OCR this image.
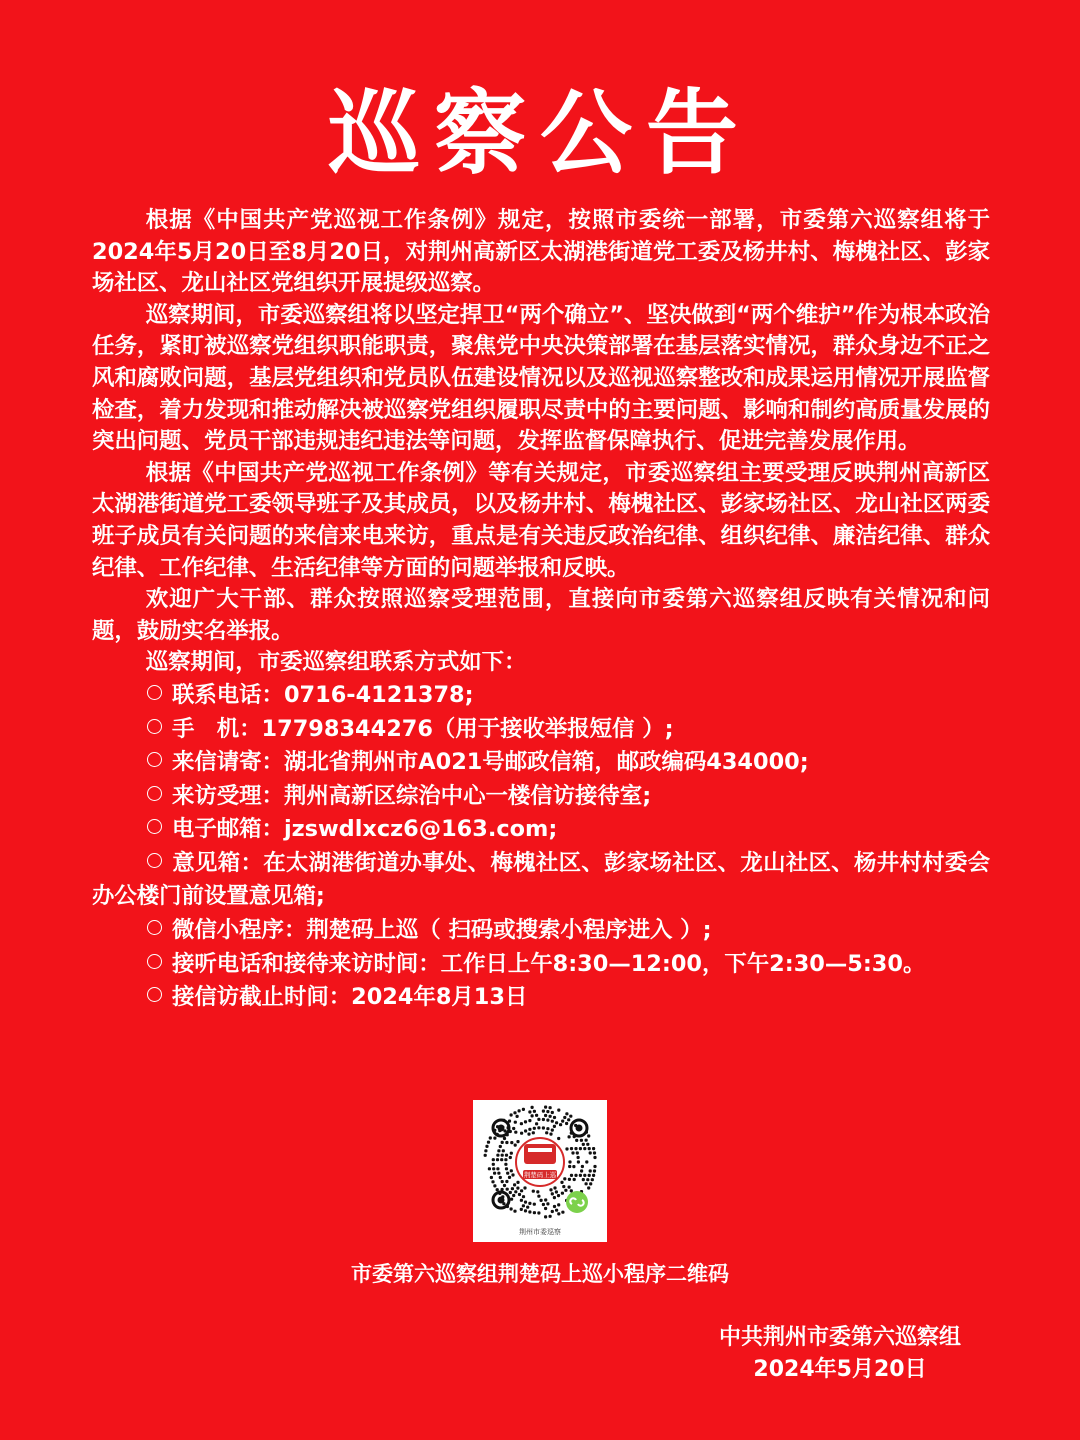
巡察公告

根据《中国共产党巡视工作条例》规定，按照市委统一部署，市委第六巡察组将于2024年5月20日至8月20日，对荆州高新区太湖港街道党工委及杨井村、梅槐社区、彭家场社区、龙山社区党组织开展提级巡察。

巡察期间，市委巡察组将以坚定捍卫“两个确立”、坚决做到“两个维护”作为根本政治任务，紧盯被巡察党组织职能职责，聚焦党中央决策部署在基层落实情况，群众身边不正之风和腐败问题，基层党组织和党员队伍建设情况以及巡视巡察整改和成果运用情况开展监督检查，着力发现和推动解决被巡察党组织履职尽责中的主要问题、影响和制约高质量发展的突出问题、党员干部违规违纪违法等问题，发挥监督保障执行、促进完善发展作用。

根据《中国共产党巡视工作条例》等有关规定，市委巡察组主要受理反映荆州高新区太湖港街道党工委领导班子及其成员，以及杨井村、梅槐社区、彭家场社区、龙山社区两委班子成员有关问题的来信来电来访，重点是有关违反政治纪律、组织纪律、廉洁纪律、群众纪律、工作纪律、生活纪律等方面的问题举报和反映。

欢迎广大干部、群众按照巡察受理范围，直接向市委第六巡察组反映有关情况和问题，鼓励实名举报。

巡察期间，市委巡察组联系方式如下：

联系电话：0716-4121378;
手　机：17798344276（用于接收举报短信 ）;
来信请寄：湖北省荆州市A021号邮政信箱，邮政编码434000;
来访受理：荆州高新区综治中心一楼信访接待室;
电子邮箱：jzswdlxcz6@163.com;
意见箱：在太湖港街道办事处、梅槐社区、彭家场社区、龙山社区、杨井村村委会办公楼门前设置意见箱;
微信小程序：荆楚码上巡（ 扫码或搜索小程序进入 ）;
接听电话和接待来访时间：工作日上午8:30—12:00，下午2:30—5:30。
接信访截止时间：2024年8月13日
荆楚码上巡
荆州市委巡察
市委第六巡察组荆楚码上巡小程序二维码
中共荆州市委第六巡察组
2024年5月20日
